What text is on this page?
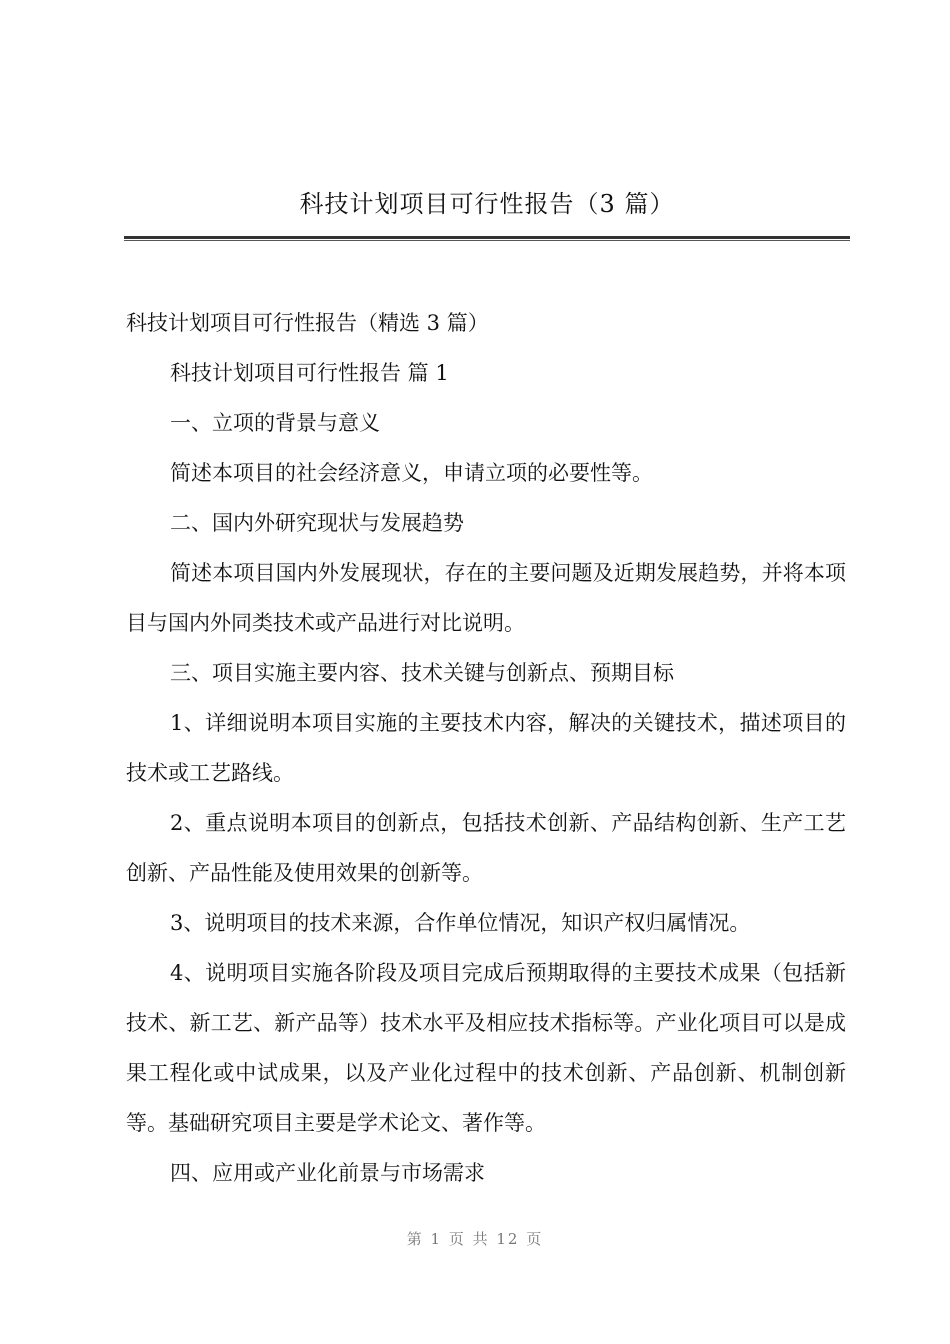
科技计划项目可行性报告（3 篇）

科技计划项目可行性报告（精选 3 篇）

科技计划项目可行性报告 篇 1

一、立项的背景与意义

简述本项目的社会经济意义，申请立项的必要性等。

二、国内外研究现状与发展趋势

简述本项目国内外发展现状，存在的主要问题及近期发展趋势，并将本项目与国内外同类技术或产品进行对比说明。

三、项目实施主要内容、技术关键与创新点、预期目标

1、详细说明本项目实施的主要技术内容，解决的关键技术，描述项目的技术或工艺路线。

2、重点说明本项目的创新点，包括技术创新、产品结构创新、生产工艺创新、产品性能及使用效果的创新等。

3、说明项目的技术来源，合作单位情况，知识产权归属情况。

4、说明项目实施各阶段及项目完成后预期取得的主要技术成果（包括新技术、新工艺、新产品等）技术水平及相应技术指标等。产业化项目可以是成果工程化或中试成果，以及产业化过程中的技术创新、产品创新、机制创新等。基础研究项目主要是学术论文、著作等。

四、应用或产业化前景与市场需求

第 1 页 共 12 页
